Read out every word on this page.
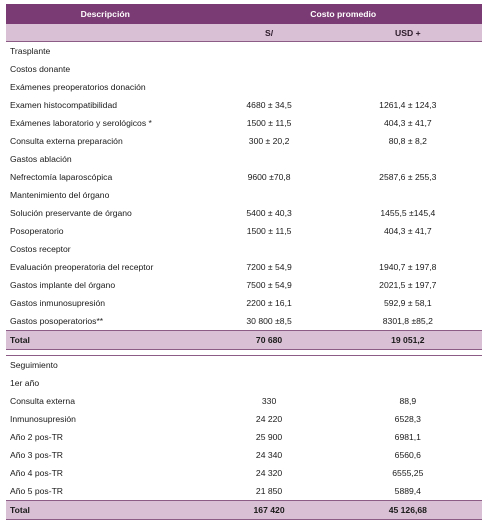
Descripción	Costo promedio	
	S/	USD +
Trasplante		
Costos donante		
Exámenes preoperatorios donación		
Examen histocompatibilidad	4680 ± 34,5	1261,4 ± 124,3
Exámenes laboratorio y serológicos *	1500 ± 11,5	404,3 ± 41,7
Consulta externa preparación	300 ± 20,2	80,8 ± 8,2
Gastos ablación		
Nefrectomía laparoscópica	9600 ±70,8	2587,6 ± 255,3
Mantenimiento del órgano		
Solución preservante de órgano	5400 ± 40,3	1455,5 ±145,4
Posoperatorio	1500 ± 11,5	404,3 ± 41,7
Costos receptor		
Evaluación preoperatoria del receptor	7200 ± 54,9	1940,7 ± 197,8
Gastos implante del órgano	7500 ± 54,9	2021,5 ± 197,7
Gastos inmunosupresión	2200 ± 16,1	592,9 ± 58,1
Gastos posoperatorios**	30 800 ±8,5	8301,8 ±85,2
Total	70 680	19 051,2

Seguimiento		
1er año		
Consulta externa	330	88,9
Inmunosupresión	24 220	6528,3
Año 2 pos-TR	25 900	6981,1
Año 3 pos-TR	24 340	6560,6
Año 4 pos-TR	24 320	6555,25
Año 5 pos-TR	21 850	5889,4
Total	167 420	45 126,68
